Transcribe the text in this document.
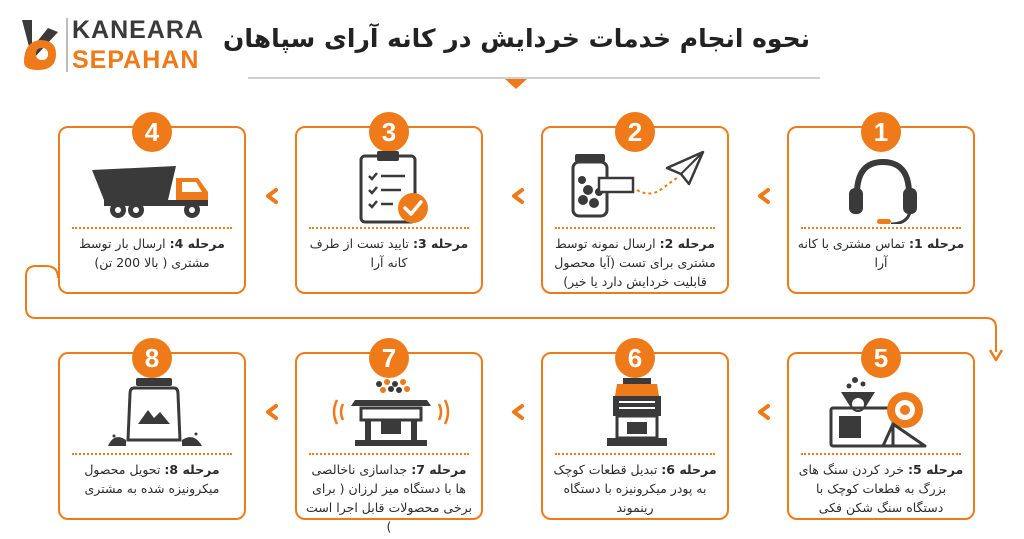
KANEARA
SEPAHAN
نحوه انجام خدمات خردایش در کانه آرای سپاهان
1
مرحله 1: تماس مشتری با کانه آرا
2
مرحله 2: ارسال نمونه توسط مشتری برای تست (آیا محصول قابلیت خردایش دارد یا خیر)
3
مرحله 3: تایید تست از طرف کانه آرا
4
مرحله 4: ارسال بار توسط مشتری ( بالا 200 تن)
5
مرحله 5: خرد کردن سنگ های بزرگ به قطعات کوچک با دستگاه سنگ شکن فکی
6
مرحله 6: تبدیل قطعات کوچک به پودر میکرونیزه با دستگاه رینموند
7
مرحله 7: جداسازی ناخالصی ها با دستگاه میز لرزان ( برای برخی محصولات قابل اجرا است )
8
مرحله 8: تحویل محصول میکرونیزه شده به مشتری
